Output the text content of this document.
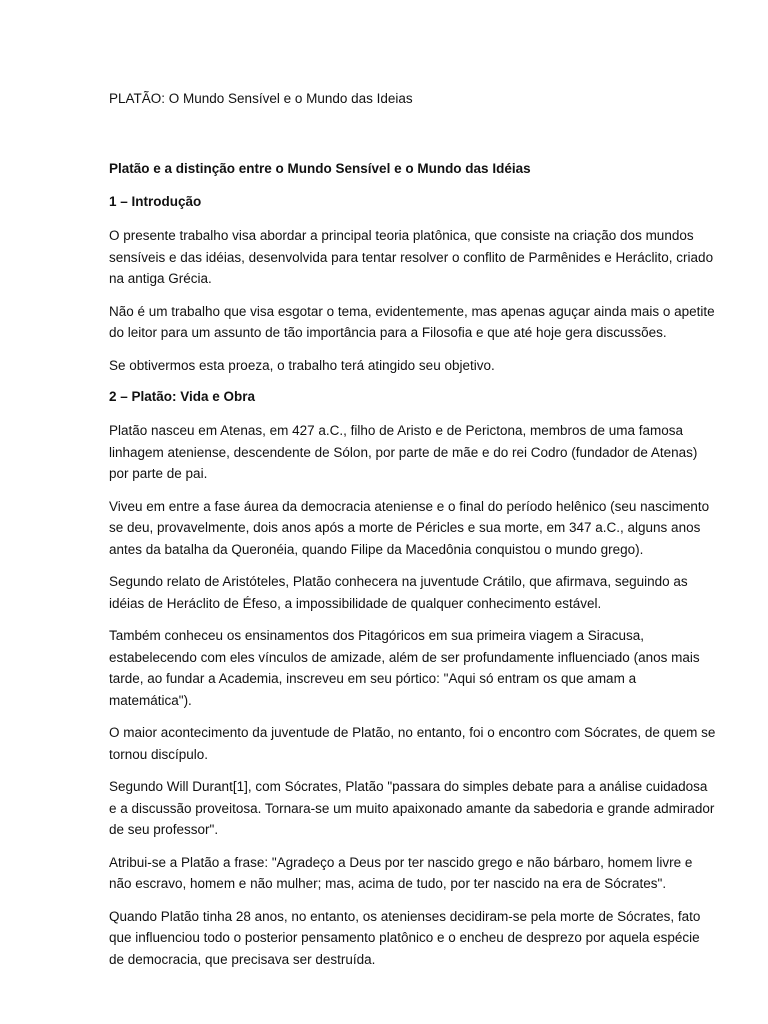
PLATÃO: O Mundo Sensível e o Mundo das Ideias
Platão e a distinção entre o Mundo Sensível e o Mundo das Idéias
1 – Introdução

O presente trabalho visa abordar a principal teoria platônica, que consiste na criação dos mundos sensíveis e das idéias, desenvolvida para tentar resolver o conflito de Parmênides e Heráclito, criado na antiga Grécia.

Não é um trabalho que visa esgotar o tema, evidentemente, mas apenas aguçar ainda mais o apetite do leitor para um assunto de tão importância para a Filosofia e que até hoje gera discussões.

Se obtivermos esta proeza, o trabalho terá atingido seu objetivo.

2 – Platão: Vida e Obra

Platão nasceu em Atenas, em 427 a.C., filho de Aristo e de Perictona, membros de uma famosa linhagem ateniense, descendente de Sólon, por parte de mãe e do rei Codro (fundador de Atenas) por parte de pai.

Viveu em entre a fase áurea da democracia ateniense e o final do período helênico (seu nascimento se deu, provavelmente, dois anos após a morte de Péricles e sua morte, em 347 a.C., alguns anos antes da batalha da Queronéia, quando Filipe da Macedônia conquistou o mundo grego).

Segundo relato de Aristóteles, Platão conhecera na juventude Crátilo, que afirmava, seguindo as idéias de Heráclito de Éfeso, a impossibilidade de qualquer conhecimento estável.

Também conheceu os ensinamentos dos Pitagóricos em sua primeira viagem a Siracusa, estabelecendo com eles vínculos de amizade, além de ser profundamente influenciado (anos mais tarde, ao fundar a Academia, inscreveu em seu pórtico: "Aqui só entram os que amam a matemática").

O maior acontecimento da juventude de Platão, no entanto, foi o encontro com Sócrates, de quem se tornou discípulo.

Segundo Will Durant[1], com Sócrates, Platão "passara do simples debate para a análise cuidadosa e a discussão proveitosa. Tornara-se um muito apaixonado amante da sabedoria e grande admirador de seu professor".

Atribui-se a Platão a frase: "Agradeço a Deus por ter nascido grego e não bárbaro, homem livre e não escravo, homem e não mulher; mas, acima de tudo, por ter nascido na era de Sócrates".

Quando Platão tinha 28 anos, no entanto, os atenienses decidiram-se pela morte de Sócrates, fato que influenciou todo o posterior pensamento platônico e o encheu de desprezo por aquela espécie de democracia, que precisava ser destruída.
